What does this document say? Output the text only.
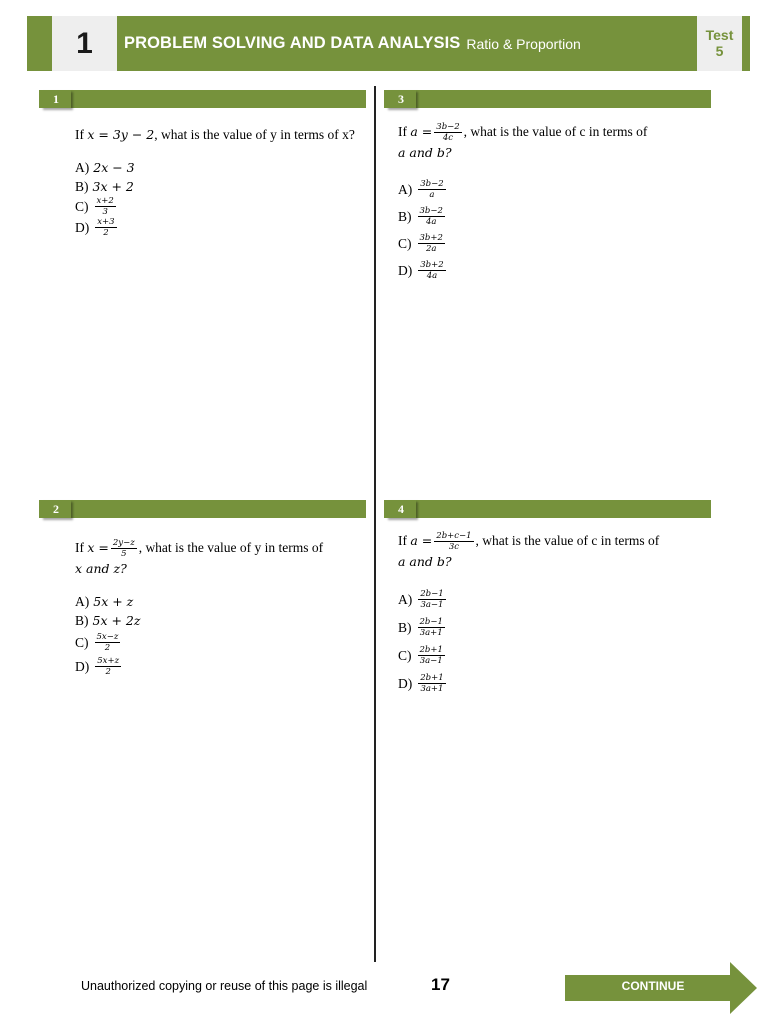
1	PROBLEM SOLVING AND DATA ANALYSIS Ratio & Proportion
Test
5
1
If x = 3y − 2, what is the value of y in terms of x?
A) 2x − 3
B) 3x + 2
$C) \frac{x+2}{3}$
$D) \frac{x+3}{2}$
3
If $a = \frac{3b-2}{4c}$ , what is the value of c in terms of
a and b?
$A) \frac{3b-2}{a}$
$B) \frac{3b-2}{4a}$
$C) \frac{3b+2}{2a}$
$D) \frac{3b+2}{4a}$
2
If $x = \frac{2y-z}{5}$ , what is the value of y in terms of
x and z?
A) 5x + z
B) 5x + 2z
$C) \frac{5x-z}{2}$
$D) \frac{5x+z}{2}$
4
If $a = \frac{2b+c-1}{3c}$ , what is the value of c in terms of
a and b?
$A) \frac{2b-1}{3a-1}$
$B) \frac{2b-1}{3a+1}$
$C) \frac{2b+1}{3a-1}$
$D) \frac{2b+1}{3a+1}$
Unauthorized copying or reuse of this page is illegal	17	CONTINUE
